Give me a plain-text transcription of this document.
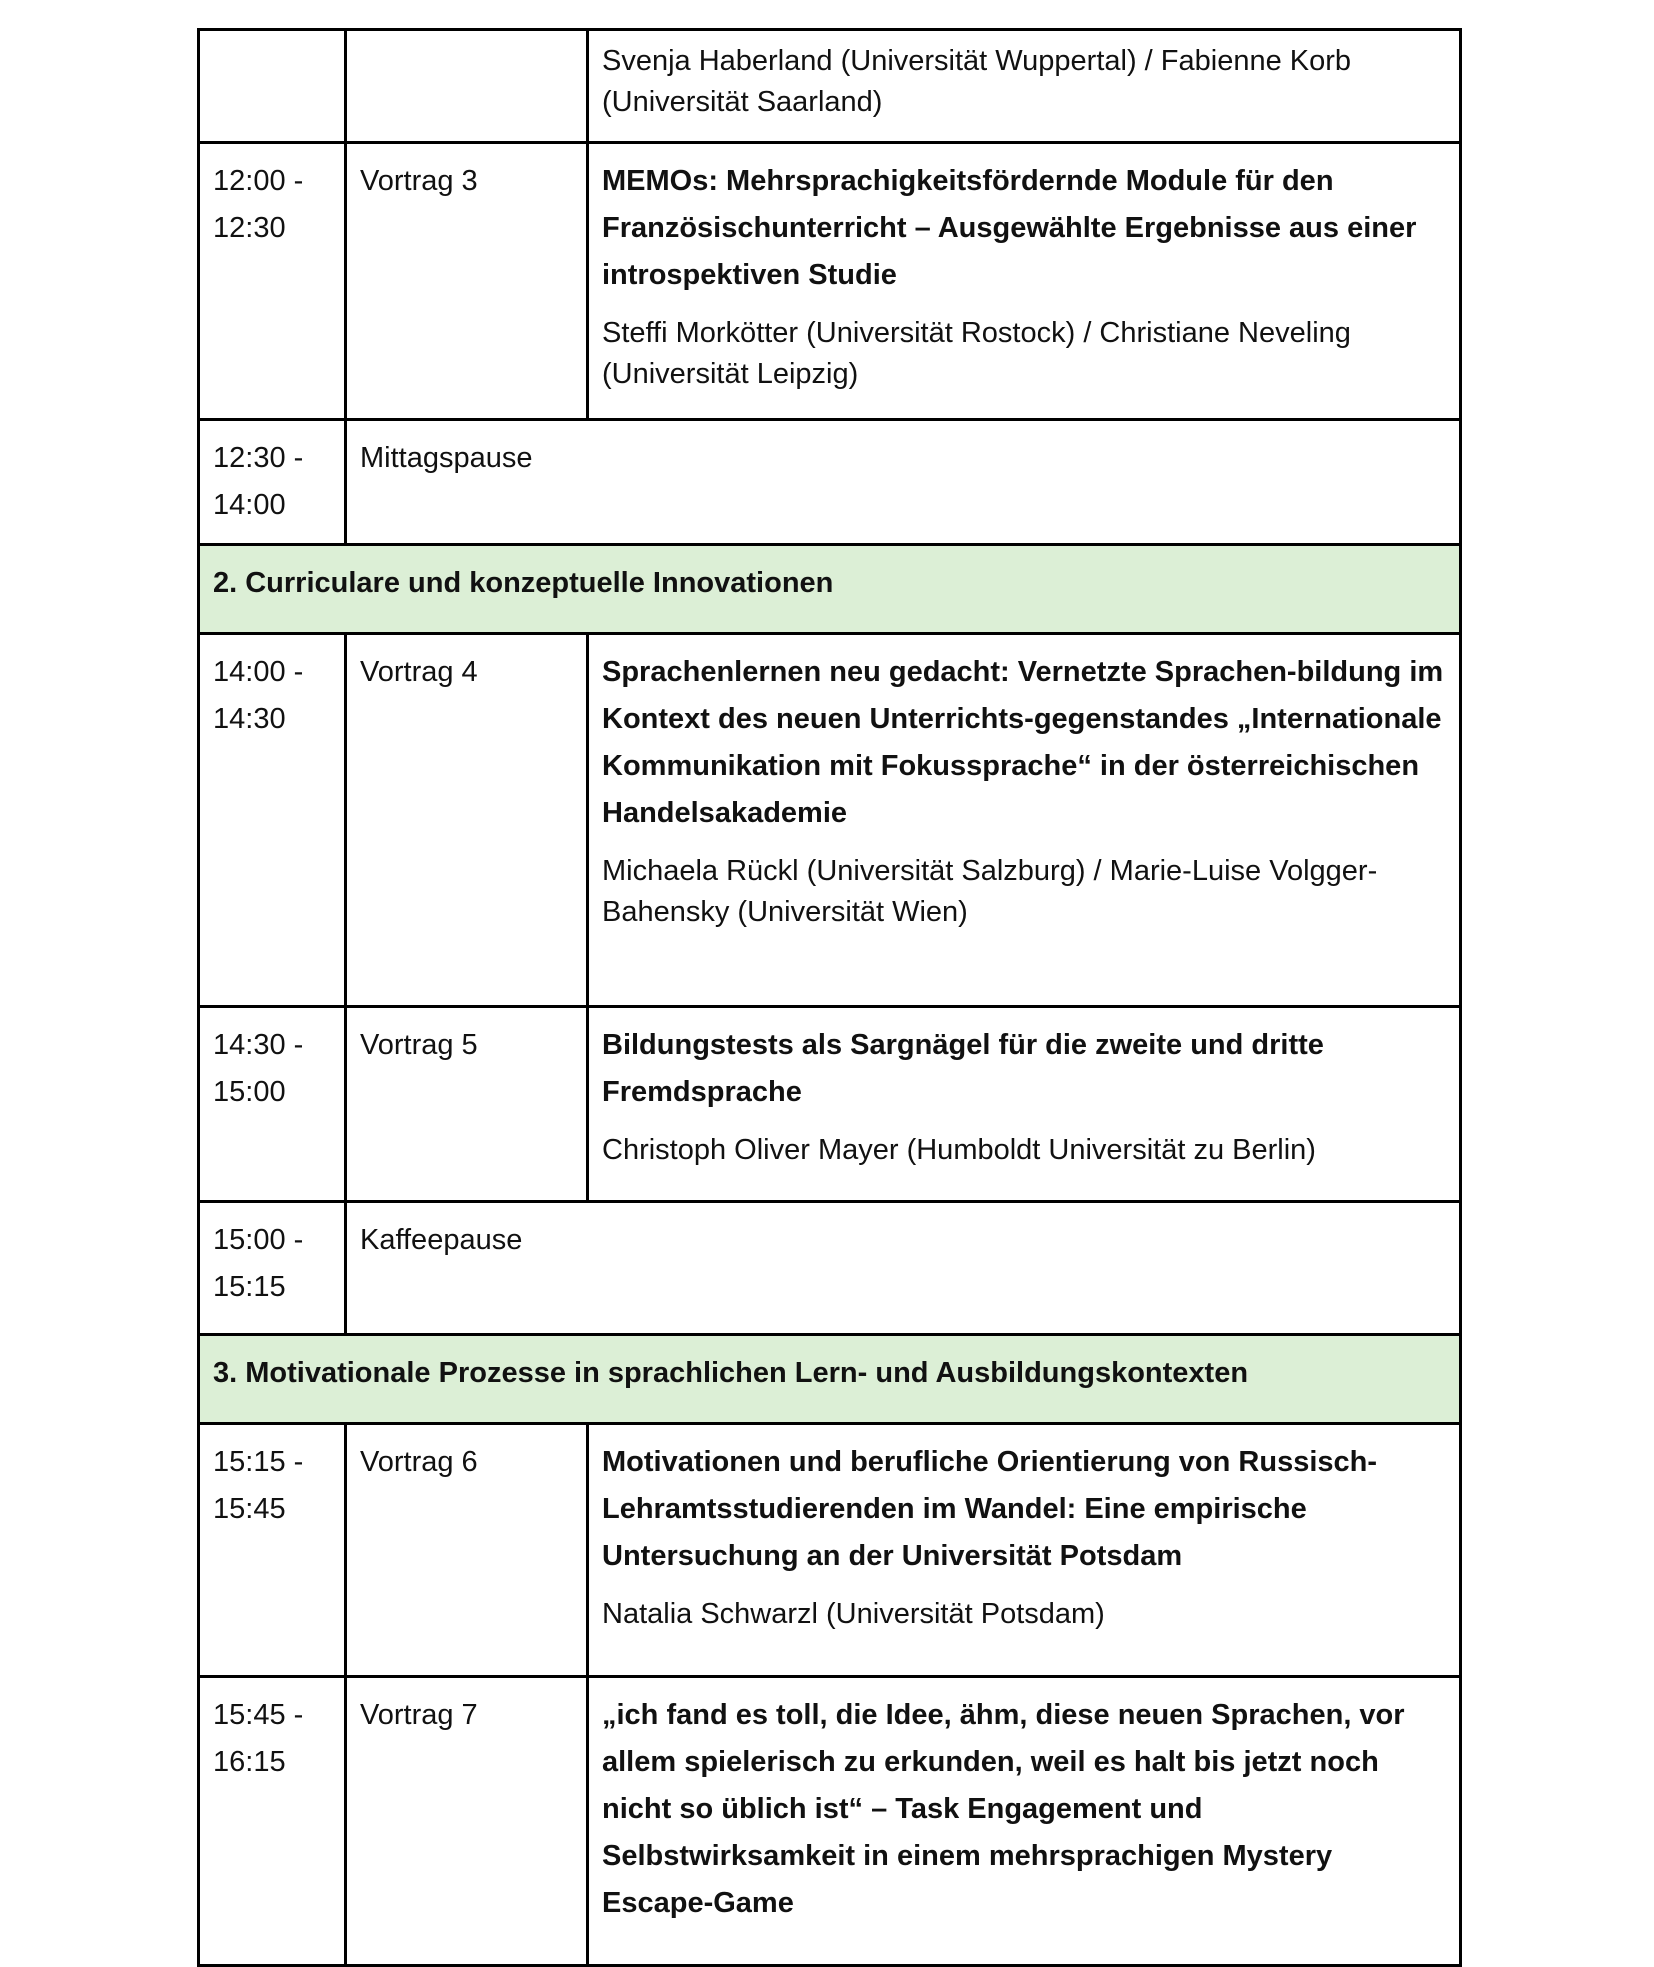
		Svenja Haberland (Universität Wuppertal) / Fabienne Korb (Universität Saarland)

12:00 - 12:30	Vortrag 3	MEMOs: Mehrsprachigkeitsfördernde Module für den Französischunterricht – Ausgewählte Ergebnisse aus einer introspektiven Studie
Steffi Morkötter (Universität Rostock) / Christiane Neveling (Universität Leipzig)

12:30 - 14:00	Mittagspause	
2. Curriculare und konzeptuelle Innovationen		
14:00 - 14:30	Vortrag 4	Sprachenlernen neu gedacht: Vernetzte Sprachen-bildung im Kontext des neuen Unterrichts-gegenstandes „Internationale Kommunikation mit Fokussprache“ in der österreichischen Handelsakademie
Michaela Rückl (Universität Salzburg) / Marie-Luise Volgger-Bahensky (Universität Wien)

14:30 - 15:00	Vortrag 5	Bildungstests als Sargnägel für die zweite und dritte Fremdsprache
Christoph Oliver Mayer (Humboldt Universität zu Berlin)

15:00 - 15:15	Kaffeepause	
3. Motivationale Prozesse in sprachlichen Lern- und Ausbildungskontexten		
15:15 - 15:45	Vortrag 6	Motivationen und berufliche Orientierung von Russisch-Lehramtsstudierenden im Wandel: Eine empirische Untersuchung an der Universität Potsdam
Natalia Schwarzl (Universität Potsdam)

15:45 - 16:15	Vortrag 7	„ich fand es toll, die Idee, ähm, diese neuen Sprachen, vor allem spielerisch zu erkunden, weil es halt bis jetzt noch nicht so üblich ist“ – Task Engagement und Selbstwirksamkeit in einem mehrsprachigen Mystery Escape-Game
